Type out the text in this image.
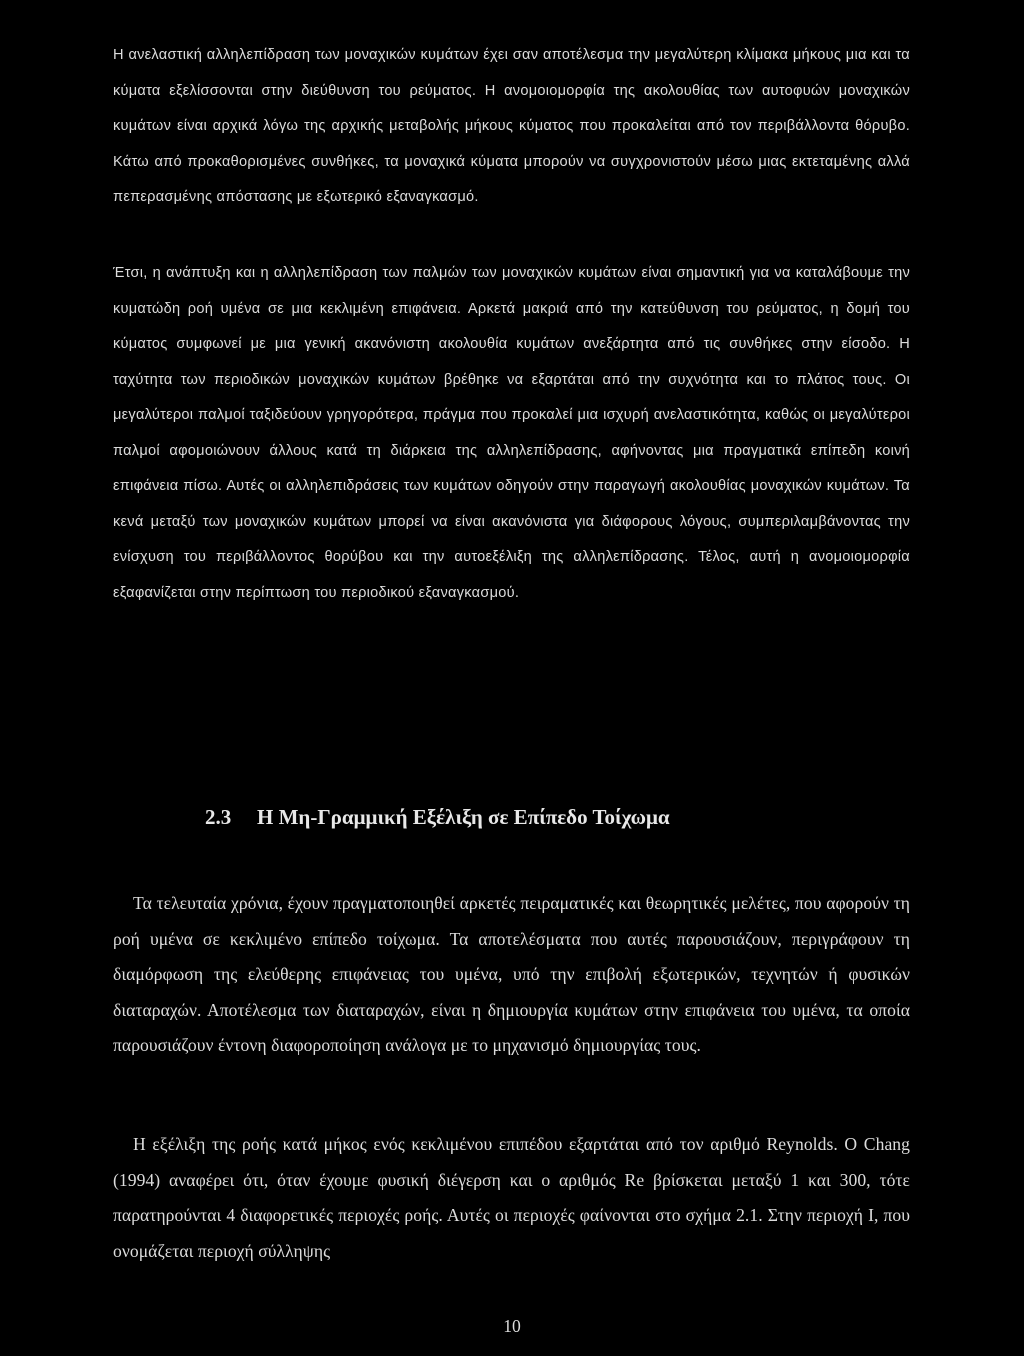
Η ανελαστική αλληλεπίδραση των μοναχικών κυμάτων έχει σαν αποτέλεσμα την μεγαλύτερη κλίμακα μήκους μια και τα κύματα εξελίσσονται στην διεύθυνση του ρεύματος. Η ανομοιομορφία της ακολουθίας των αυτοφυών μοναχικών κυμάτων είναι αρχικά λόγω της αρχικής μεταβολής μήκους κύματος που προκαλείται από τον περιβάλλοντα θόρυβο. Κάτω από προκαθορισμένες συνθήκες, τα μοναχικά κύματα μπορούν να συγχρονιστούν μέσω μιας εκτεταμένης αλλά πεπερασμένης απόστασης με εξωτερικό εξαναγκασμό.

Έτσι, η ανάπτυξη και η αλληλεπίδραση των παλμών των μοναχικών κυμάτων είναι σημαντική για να καταλάβουμε την κυματώδη ροή υμένα σε μια κεκλιμένη επιφάνεια. Αρκετά μακριά από την κατεύθυνση του ρεύματος, η δομή του κύματος συμφωνεί με μια γενική ακανόνιστη ακολουθία κυμάτων ανεξάρτητα από τις συνθήκες στην είσοδο. Η ταχύτητα των περιοδικών μοναχικών κυμάτων βρέθηκε να εξαρτάται από την συχνότητα και το πλάτος τους. Οι μεγαλύτεροι παλμοί ταξιδεύουν γρηγορότερα, πράγμα που προκαλεί μια ισχυρή ανελαστικότητα, καθώς οι μεγαλύτεροι παλμοί αφομοιώνουν άλλους κατά τη διάρκεια της αλληλεπίδρασης, αφήνοντας μια πραγματικά επίπεδη κοινή επιφάνεια πίσω. Αυτές οι αλληλεπιδράσεις των κυμάτων οδηγούν στην παραγωγή ακολουθίας μοναχικών κυμάτων. Τα κενά μεταξύ των μοναχικών κυμάτων μπορεί να είναι ακανόνιστα για διάφορους λόγους, συμπεριλαμβάνοντας την ενίσχυση του περιβάλλοντος θορύβου και την αυτοεξέλιξη της αλληλεπίδρασης. Τέλος, αυτή η ανομοιομορφία εξαφανίζεται στην περίπτωση του περιοδικού εξαναγκασμού.

2.3 Η Μη-Γραμμική Εξέλιξη σε Επίπεδο Τοίχωμα

Τα τελευταία χρόνια, έχουν πραγματοποιηθεί αρκετές πειραματικές και θεωρητικές μελέτες, που αφορούν τη ροή υμένα σε κεκλιμένο επίπεδο τοίχωμα. Τα αποτελέσματα που αυτές παρουσιάζουν, περιγράφουν τη διαμόρφωση της ελεύθερης επιφάνειας του υμένα, υπό την επιβολή εξωτερικών, τεχνητών ή φυσικών διαταραχών. Αποτέλεσμα των διαταραχών, είναι η δημιουργία κυμάτων στην επιφάνεια του υμένα, τα οποία παρουσιάζουν έντονη διαφοροποίηση ανάλογα με το μηχανισμό δημιουργίας τους.

Η εξέλιξη της ροής κατά μήκος ενός κεκλιμένου επιπέδου εξαρτάται από τον αριθμό Reynolds. Ο Chang (1994) αναφέρει ότι, όταν έχουμε φυσική διέγερση και ο αριθμός Re βρίσκεται μεταξύ 1 και 300, τότε παρατηρούνται 4 διαφορετικές περιοχές ροής. Αυτές οι περιοχές φαίνονται στο σχήμα 2.1. Στην περιοχή I, που ονομάζεται περιοχή σύλληψης

10
